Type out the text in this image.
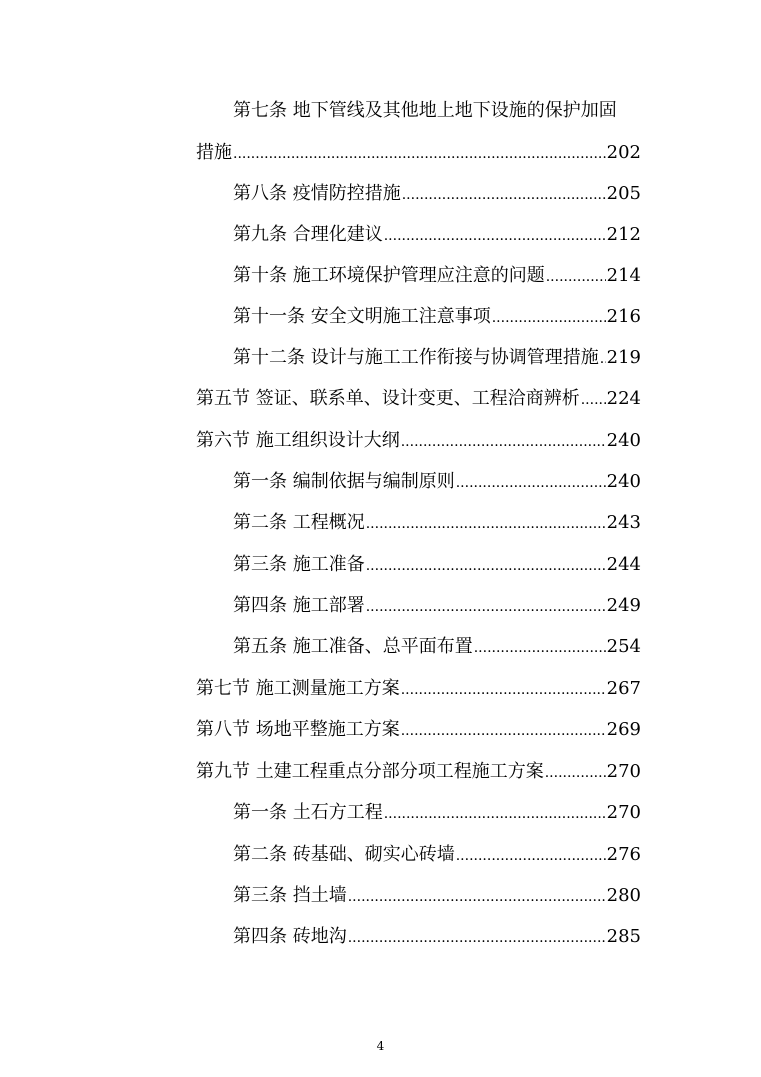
第七条 地下管线及其他地上地下设施的保护加固
措施 .....	202
第八条 疫情防控措施 .....	205
第九条 合理化建议 .....	212
第十条 施工环境保护管理应注意的问题 .....	214
第十一条 安全文明施工注意事项 .....	216
第十二条 设计与施工工作衔接与协调管理措施 ..... 219
第五节 签证、联系单、设计变更、工程洽商辨析 ..... 224
第六节 施工组织设计大纲 .....	240
第一条 编制依据与编制原则 .....	240
第二条 工程概况 .....	243
第三条 施工准备 .....	244
第四条 施工部署 .....	249
第五条 施工准备、总平面布置 .....	254
第七节 施工测量施工方案 .....	267
第八节 场地平整施工方案 .....	269
第九节 土建工程重点分部分项工程施工方案 .....	270
第一条 土石方工程 .....	270
第二条 砖基础、砌实心砖墙 .....	276
第三条 挡土墙 .....	280
第四条 砖地沟 .....	285
4
